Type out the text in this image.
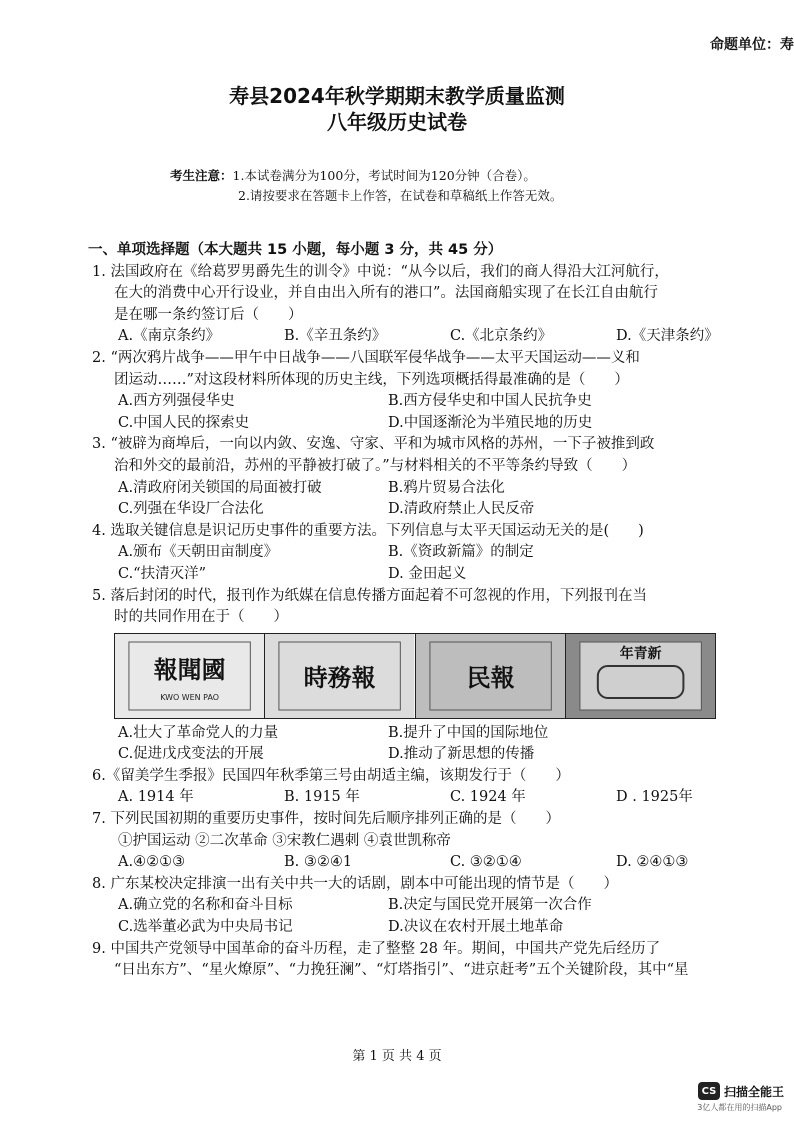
命题单位：寿
寿县2024年秋学期期末教学质量监测
八年级历史试卷
考生注意：1.本试卷满分为100分，考试时间为120分钟（合卷）。
2.请按要求在答题卡上作答，在试卷和草稿纸上作答无效。
一、单项选择题（本大题共 15 小题，每小题 3 分，共 45 分）
1. 法国政府在《给葛罗男爵先生的训令》中说：“从今以后，我们的商人得沿大江河航行，
在大的消费中心开行设业，并自由出入所有的港口”。法国商船实现了在长江自由航行
是在哪一条约签订后（　　）
A.《南京条约》	B.《辛丑条约》	C.《北京条约》	D.《天津条约》
2. “两次鸦片战争——甲午中日战争——八国联军侵华战争——太平天国运动——义和
团运动……”对这段材料所体现的历史主线，下列选项概括得最准确的是（　　）
A.西方列强侵华史	B.西方侵华史和中国人民抗争史
C.中国人民的探索史	D.中国逐渐沦为半殖民地的历史
3. “被辟为商埠后，一向以内敛、安逸、守家、平和为城市风格的苏州，一下子被推到政
治和外交的最前沿，苏州的平静被打破了。”与材料相关的不平等条约导致（　　）
A.清政府闭关锁国的局面被打破	B.鸦片贸易合法化
C.列强在华设厂合法化	D.清政府禁止人民反帝
4. 选取关键信息是识记历史事件的重要方法。下列信息与太平天国运动无关的是(　　)
A.颁布《天朝田亩制度》	B.《资政新篇》的制定
C.“扶清灭洋”	D. 金田起义
5. 落后封闭的时代，报刊作为纸媒在信息传播方面起着不可忽视的作用，下列报刊在当
时的共同作用在于（　　）
報聞國
KWO WEN PAO
時務報	民報
年青新
A.壮大了革命党人的力量	B.提升了中国的国际地位
C.促进戊戌变法的开展	D.推动了新思想的传播
6.《留美学生季报》民国四年秋季第三号由胡适主编，该期发行于（　　）
A. 1914 年	B. 1915 年	C. 1924 年	D . 1925年
7. 下列民国初期的重要历史事件，按时间先后顺序排列正确的是（　　）
①护国运动 ②二次革命 ③宋教仁遇刺 ④袁世凯称帝
A.④②①③	B. ③②④1	C. ③②①④	D. ②④①③
8. 广东某校决定排演一出有关中共一大的话剧，剧本中可能出现的情节是（　　）
A.确立党的名称和奋斗目标	B.决定与国民党开展第一次合作
C.选举董必武为中央局书记	D.决议在农村开展土地革命
9. 中国共产党领导中国革命的奋斗历程，走了整整 28 年。期间，中国共产党先后经历了
“日出东方”、“星火燎原”、“力挽狂澜”、“灯塔指引”、“进京赶考”五个关键阶段，其中“星
第 1 页 共 4 页
CS 扫描全能王
3亿人都在用的扫描App
